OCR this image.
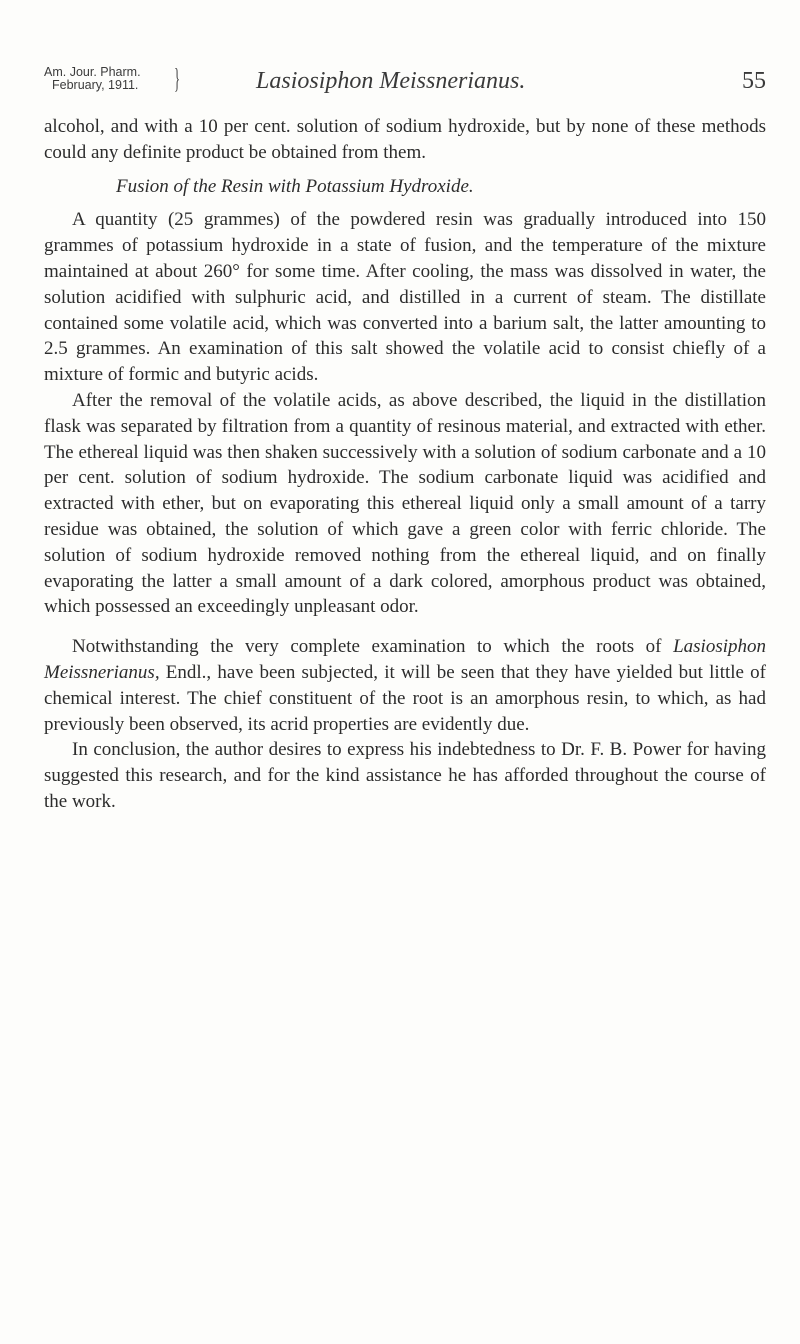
Am. Jour. Pharm.
February, 1911. }	Lasiosiphon Meissnerianus.	55

alcohol, and with a 10 per cent. solution of sodium hydroxide, but by none of these methods could any definite product be obtained from them.

Fusion of the Resin with Potassium Hydroxide.

A quantity (25 grammes) of the powdered resin was gradually introduced into 150 grammes of potassium hydroxide in a state of fusion, and the temperature of the mixture maintained at about 260° for some time. After cooling, the mass was dissolved in water, the solution acidified with sulphuric acid, and distilled in a current of steam. The distillate contained some volatile acid, which was converted into a barium salt, the latter amounting to 2.5 grammes. An examination of this salt showed the volatile acid to consist chiefly of a mixture of formic and butyric acids.

After the removal of the volatile acids, as above described, the liquid in the distillation flask was separated by filtration from a quantity of resinous material, and extracted with ether. The ethereal liquid was then shaken successively with a solution of sodium carbonate and a 10 per cent. solution of sodium hydroxide. The sodium carbonate liquid was acidified and extracted with ether, but on evaporating this ethereal liquid only a small amount of a tarry residue was obtained, the solution of which gave a green color with ferric chloride. The solution of sodium hydroxide removed nothing from the ethereal liquid, and on finally evaporating the latter a small amount of a dark colored, amorphous product was obtained, which possessed an exceedingly unpleasant odor.

Notwithstanding the very complete examination to which the roots of Lasiosiphon Meissnerianus, Endl., have been subjected, it will be seen that they have yielded but little of chemical interest. The chief constituent of the root is an amorphous resin, to which, as had previously been observed, its acrid properties are evidently due.

In conclusion, the author desires to express his indebtedness to Dr. F. B. Power for having suggested this research, and for the kind assistance he has afforded throughout the course of the work.
